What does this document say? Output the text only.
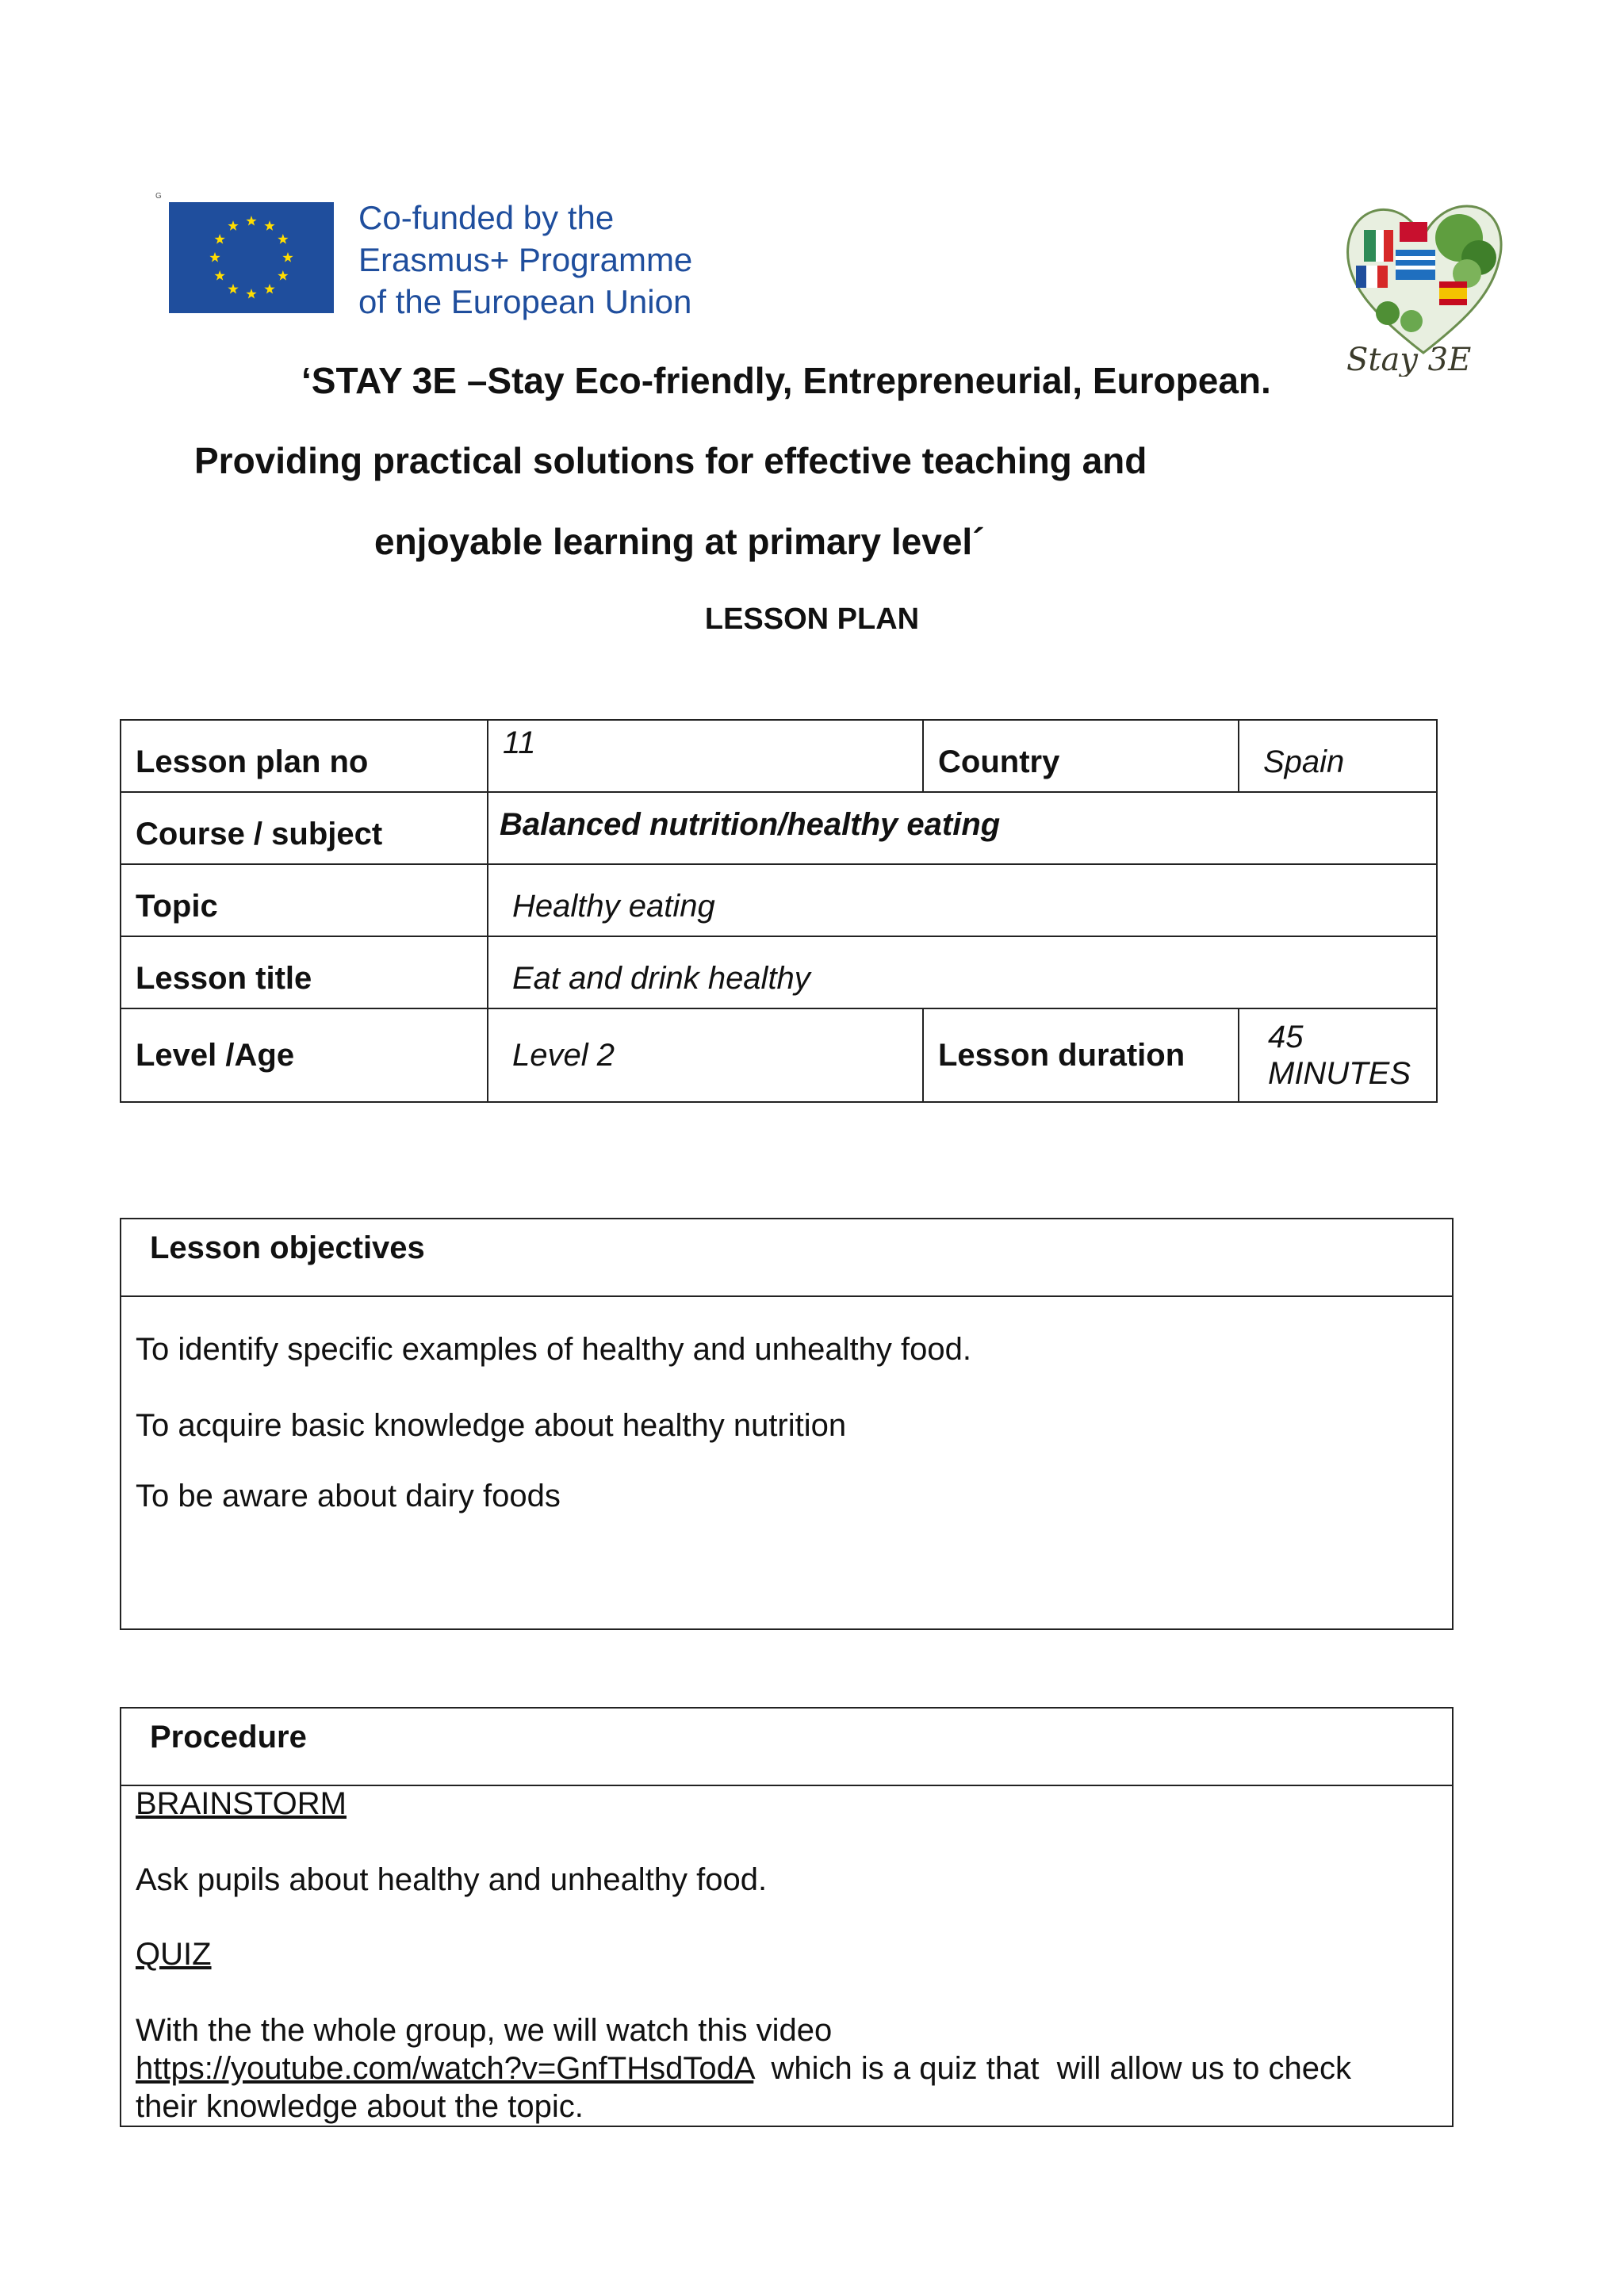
G
Co-funded by the
Erasmus+ Programme
of the European Union
Stay 3E
‘STAY 3E –Stay Eco-friendly, Entrepreneurial, European.
Providing practical solutions for effective teaching and
enjoyable learning at primary level´
LESSON PLAN
Lesson plan no	11	Country	Spain
Course / subject	Balanced nutrition/healthy eating		
Topic	Healthy eating		
Lesson title	Eat and drink healthy		
Level /Age	Level 2	Lesson duration	45
MINUTES
Lesson objectives
To identify specific examples of healthy and unhealthy food.
To acquire basic knowledge about healthy nutrition
To be aware about dairy foods
Procedure
BRAINSTORM
Ask pupils about healthy and unhealthy food.
QUIZ
With the the whole group, we will watch this video
https://youtube.com/watch?v=GnfTHsdTodA  which is a quiz that  will allow us to check
their knowledge about the topic.
